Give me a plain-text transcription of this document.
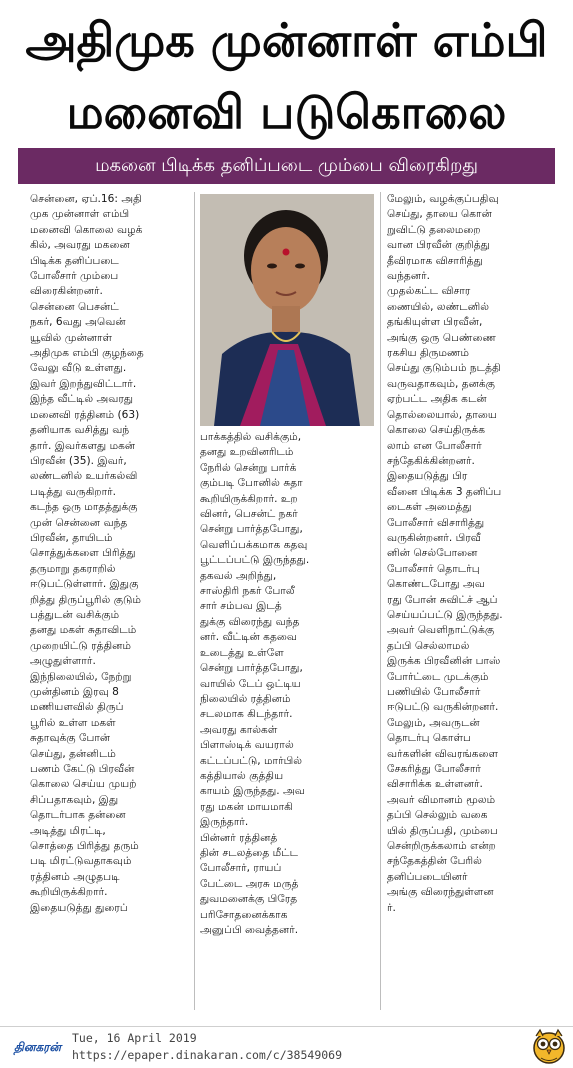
அதிமுக முன்னாள் எம்பி
மனைவி படுகொலை
மகனை பிடிக்க தனிப்படை மும்பை விரைகிறது

சென்னை, ஏப்.16: அதி
முக முன்னாள் எம்பி
மனைவி கொலை வழக்
கில், அவரது மகனை
பிடிக்க தனிப்படை
போலீசார் மும்பை
விரைகின்றனர்.

சென்னை பெசன்ட்
நகர், 6வது அவென்
யூவில் முன்னாள்
அதிமுக எம்பி குழந்தை
வேலு வீடு உள்ளது.
இவர் இறந்துவிட்டார்.
இந்த வீட்டில் அவரது
மனைவி ரத்தினம் (63)
தனியாக வசித்து வந்
தார். இவர்களது மகன்
பிரவீன் (35). இவர்,
லண்டனில் உயர்கல்வி
படித்து வருகிறார்.
கடந்த ஒரு மாதத்துக்கு
முன் சென்னை வந்த
பிரவீன், தாயிடம்
சொத்துக்களை பிரித்து
தருமாறு தகராறில்
ஈடுபட்டுள்ளார். இதுகு
றித்து திருப்பூரில் குடும்
பத்துடன் வசிக்கும்
தனது மகள் சுதாவிடம்
முறையிட்டு ரத்தினம்
அழுதுள்ளார்.

இந்நிலையில், நேற்று
முன்தினம் இரவு 8
மணியளவில் திருப்
பூரில் உள்ள மகள்
சுதாவுக்கு போன்
செய்து, தன்னிடம்
பணம் கேட்டு பிரவீன்
கொலை செய்ய முயற்
சிப்பதாகவும், இது
தொடர்பாக தன்னை
அடித்து மிரட்டி,
சொத்தை பிரித்து தரும்
படி மிரட்டுவதாகவும்
ரத்தினம் அழுதபடி
கூறியிருக்கிறார்.

இதையடுத்து துரைப்

பாக்கத்தில் வசிக்கும்,
தனது உறவினரிடம்
நேரில் சென்று பார்க்
கும்படி போனில் சுதா
கூறியிருக்கிறார். உற
வினர், பெசன்ட் நகர்
சென்று பார்த்தபோது,
வெளிப்பக்கமாக கதவு
பூட்டப்பட்டு இருந்தது.

தகவல் அறிந்து,
சாஸ்திரி நகர் போலீ
சார் சம்பவ இடத்
துக்கு விரைந்து வந்த
னர். வீட்டின் கதவை
உடைத்து உள்ளே
சென்று பார்த்தபோது,
வாயில் டேப் ஒட்டிய
நிலையில் ரத்தினம்
சடலமாக கிடந்தார்.
அவரது கால்கள்
பிளாஸ்டிக் வயரால்
கட்டப்பட்டு, மார்பில்
கத்தியால் குத்திய
காயம் இருந்தது. அவ
ரது மகன் மாயமாகி
இருந்தார்.

பின்னர் ரத்தினத்
தின் சடலத்தை மீட்ட
போலீசார், ராயப்
பேட்டை அரசு மருத்
துவமனைக்கு பிரேத
பரிசோதனைக்காக
அனுப்பி வைத்தனர்.

மேலும், வழக்குப்பதிவு
செய்து, தாயை கொன்
றுவிட்டு தலைமறை
வான பிரவீன் குறித்து
தீவிரமாக விசாரித்து
வந்தனர்.

முதல்கட்ட விசார
ணையில், லண்டனில்
தங்கியுள்ள பிரவீன்,
அங்கு ஒரு பெண்ணை
ரகசிய திருமணம்
செய்து குடும்பம் நடத்தி
வருவதாகவும், தனக்கு
ஏற்பட்ட அதிக கடன்
தொல்லையால், தாயை
கொலை செய்திருக்க
லாம் என போலீசார்
சந்தேகிக்கின்றனர்.

இதையடுத்து பிர
வீனை பிடிக்க 3 தனிப்ப
டைகள் அமைத்து
போலீசார் விசாரித்து
வருகின்றனர். பிரவீ
னின் செல்போனை
போலீசார் தொடர்பு
கொண்டபோது அவ
ரது போன் சுவிட்ச் ஆப்
செய்யப்பட்டு இருந்தது.
அவர் வெளிநாட்டுக்கு
தப்பி செல்லாமல்
இருக்க பிரவீனின் பாஸ்
போர்ட்டை முடக்கும்
பணியில் போலீசார்
ஈடுபட்டு வருகின்றனர்.

மேலும், அவருடன்
தொடர்பு கொள்ப
வர்களின் விவரங்களை
சேகரித்து போலீசார்
விசாரிக்க உள்ளனர்.
அவர் விமானம் மூலம்
தப்பி செல்லும் வகை
யில் திருப்பதி, மும்பை
சென்றிருக்கலாம் என்ற
சந்தேகத்தின் பேரில்
தனிப்படையினர்
அங்கு விரைந்துள்ளன
ர்.

தினகரன்
Tue, 16 April 2019
https://epaper.dinakaran.com/c/38549069
